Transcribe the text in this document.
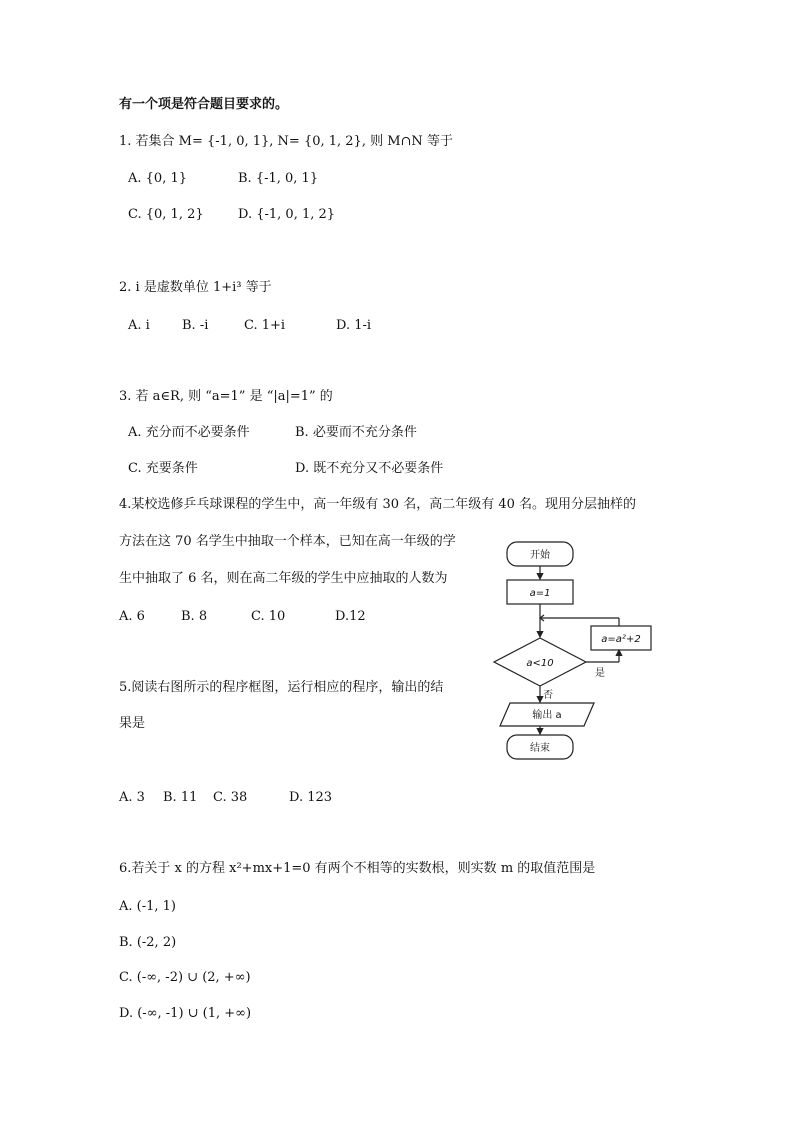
有一个项是符合题目要求的。
1. 若集合 M= {-1, 0, 1}, N= {0, 1, 2}, 则 M∩N 等于
A. {0, 1}	B. {-1, 0, 1}
C. {0, 1, 2}	D. {-1, 0, 1, 2}
2. i 是虚数单位 1+i³ 等于
A. i B. -i	C. 1+i	D. 1-i
3. 若 a∈R, 则 “a=1” 是 “|a|=1” 的
A. 充分而不必要条件	B. 必要而不充分条件
C. 充要条件	D. 既不充分又不必要条件
4.某校选修乒乓球课程的学生中，高一年级有 30 名，高二年级有 40 名。现用分层抽样的
方法在这 70 名学生中抽取一个样本，已知在高一年级的学
生中抽取了 6 名，则在高二年级的学生中应抽取的人数为
A. 6	B. 8	C. 10	D.12
5.阅读右图所示的程序框图，运行相应的程序，输出的结
果是
A. 3 B. 11 C. 38	D. 123
开始
a=1
a=a²+2
a<10
是
否
输出 a
结束
6.若关于 x 的方程 x²+mx+1=0 有两个不相等的实数根，则实数 m 的取值范围是
A. (-1, 1)
B. (-2, 2)
C. (-∞, -2) ∪ (2, +∞)
D. (-∞, -1) ∪ (1, +∞)
